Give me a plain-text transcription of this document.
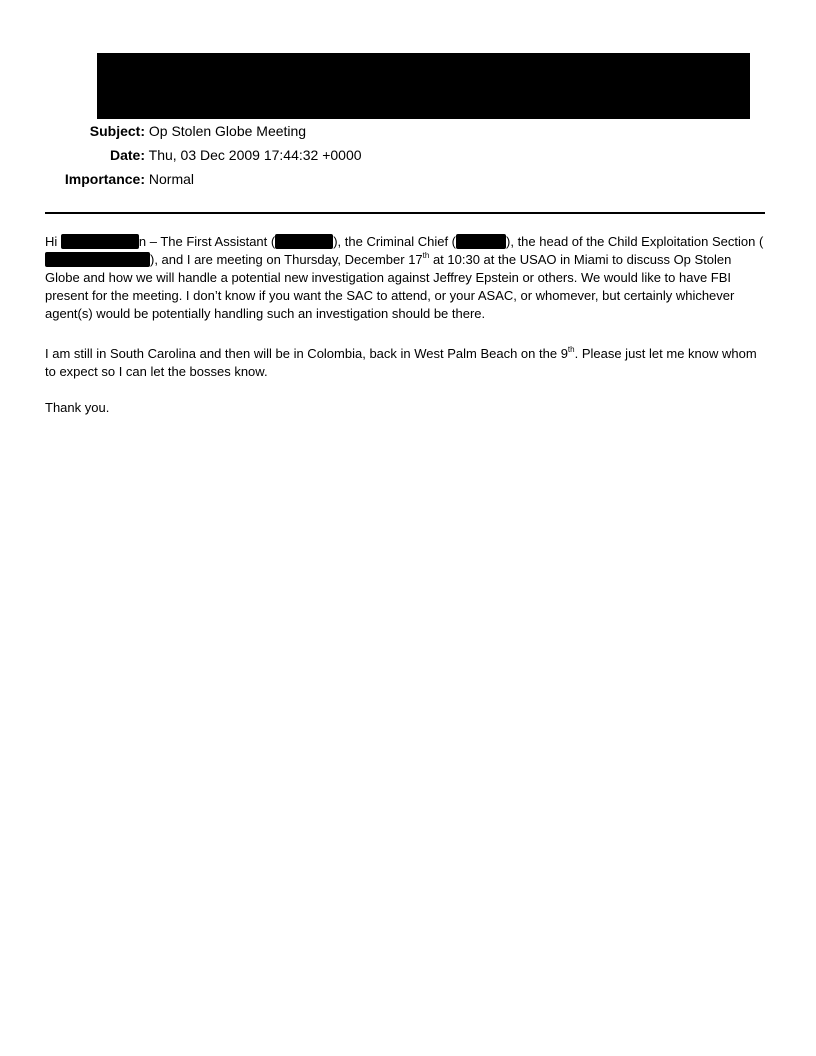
Subject: Op Stolen Globe Meeting
Date: Thu, 03 Dec 2009 17:44:32 +0000
Importance: Normal
Hi	n – The First Assistant (	), the Criminal Chief (	), the head of the Child Exploitation Section (), and I are meeting on Thursday, December 17th at 10:30 at the USAO in Miami to discuss Op Stolen Globe and how we will handle a potential new investigation against Jeffrey Epstein or others. We would like to have FBI present for the meeting. I don’t know if you want the SAC to attend, or your ASAC, or whomever, but certainly whichever agent(s) would be potentially handling such an investigation should be there.
I am still in South Carolina and then will be in Colombia, back in West Palm Beach on the 9th. Please just let me know whom to expect so I can let the bosses know.
Thank you.
